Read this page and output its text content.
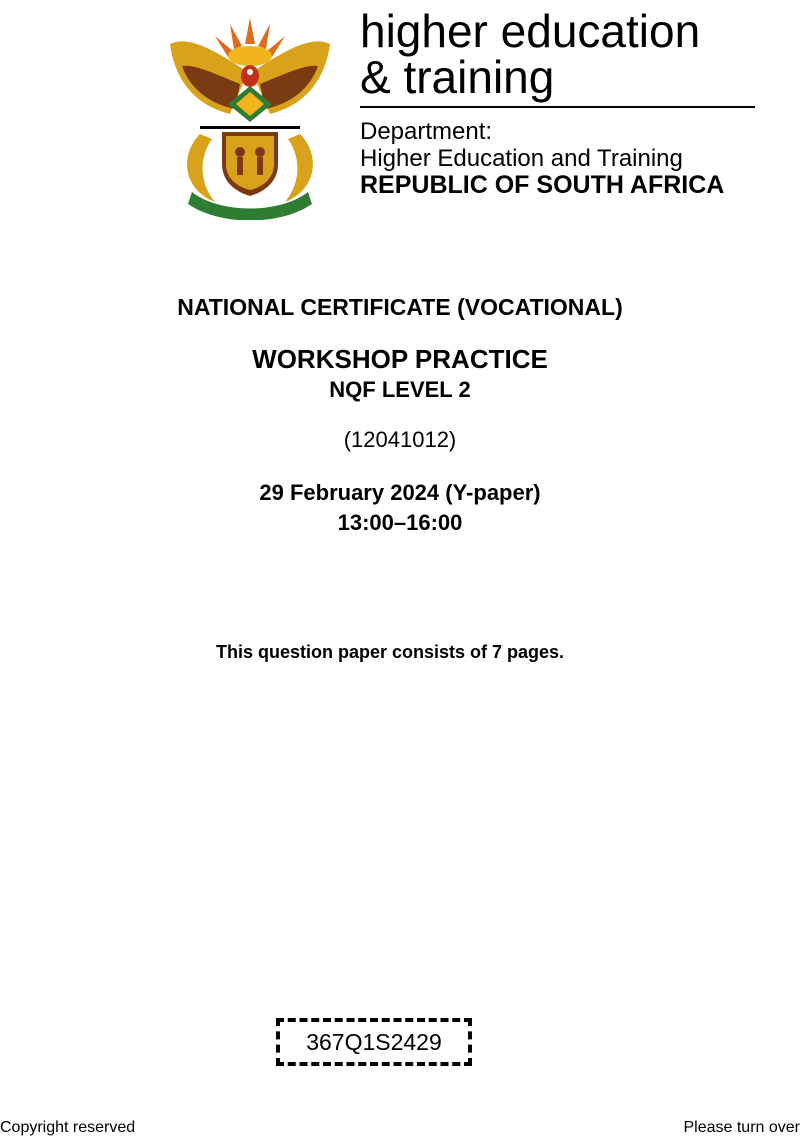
higher education
& training
Department:
Higher Education and Training
REPUBLIC OF SOUTH AFRICA
NATIONAL CERTIFICATE (VOCATIONAL)
WORKSHOP PRACTICE
NQF LEVEL 2
(12041012)
29 February 2024 (Y-paper)
13:00–16:00
This question paper consists of 7 pages.
367Q1S2429
Copyright reserved	Please turn over
